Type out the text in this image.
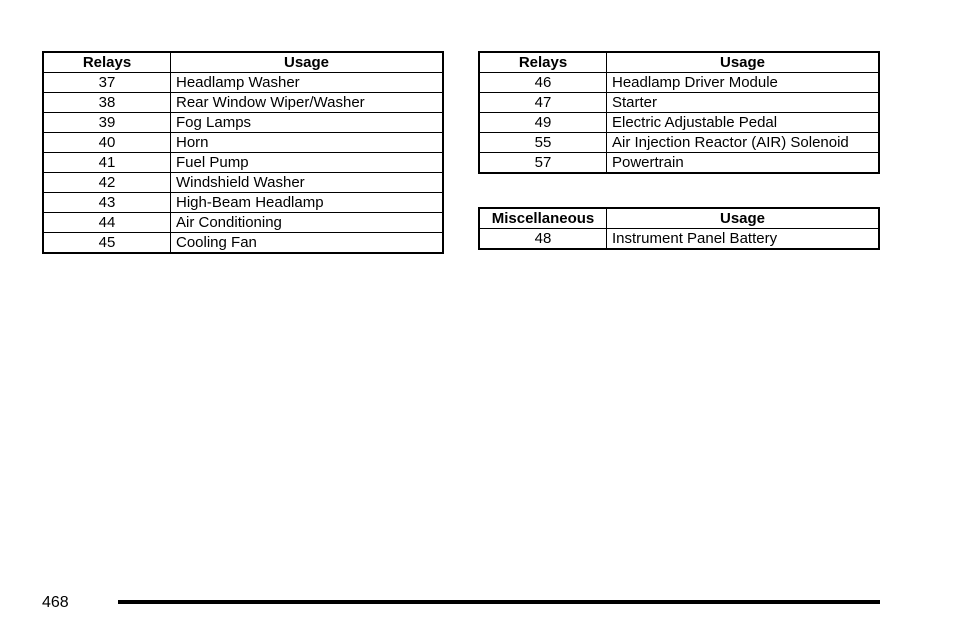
Relays	Usage
37	Headlamp Washer
38	Rear Window Wiper/Washer
39	Fog Lamps
40	Horn
41	Fuel Pump
42	Windshield Washer
43	High-Beam Headlamp
44	Air Conditioning
45	Cooling Fan
Relays	Usage
46	Headlamp Driver Module
47	Starter
49	Electric Adjustable Pedal
55	Air Injection Reactor (AIR) Solenoid
57	Powertrain
Miscellaneous	Usage
48	Instrument Panel Battery
468
